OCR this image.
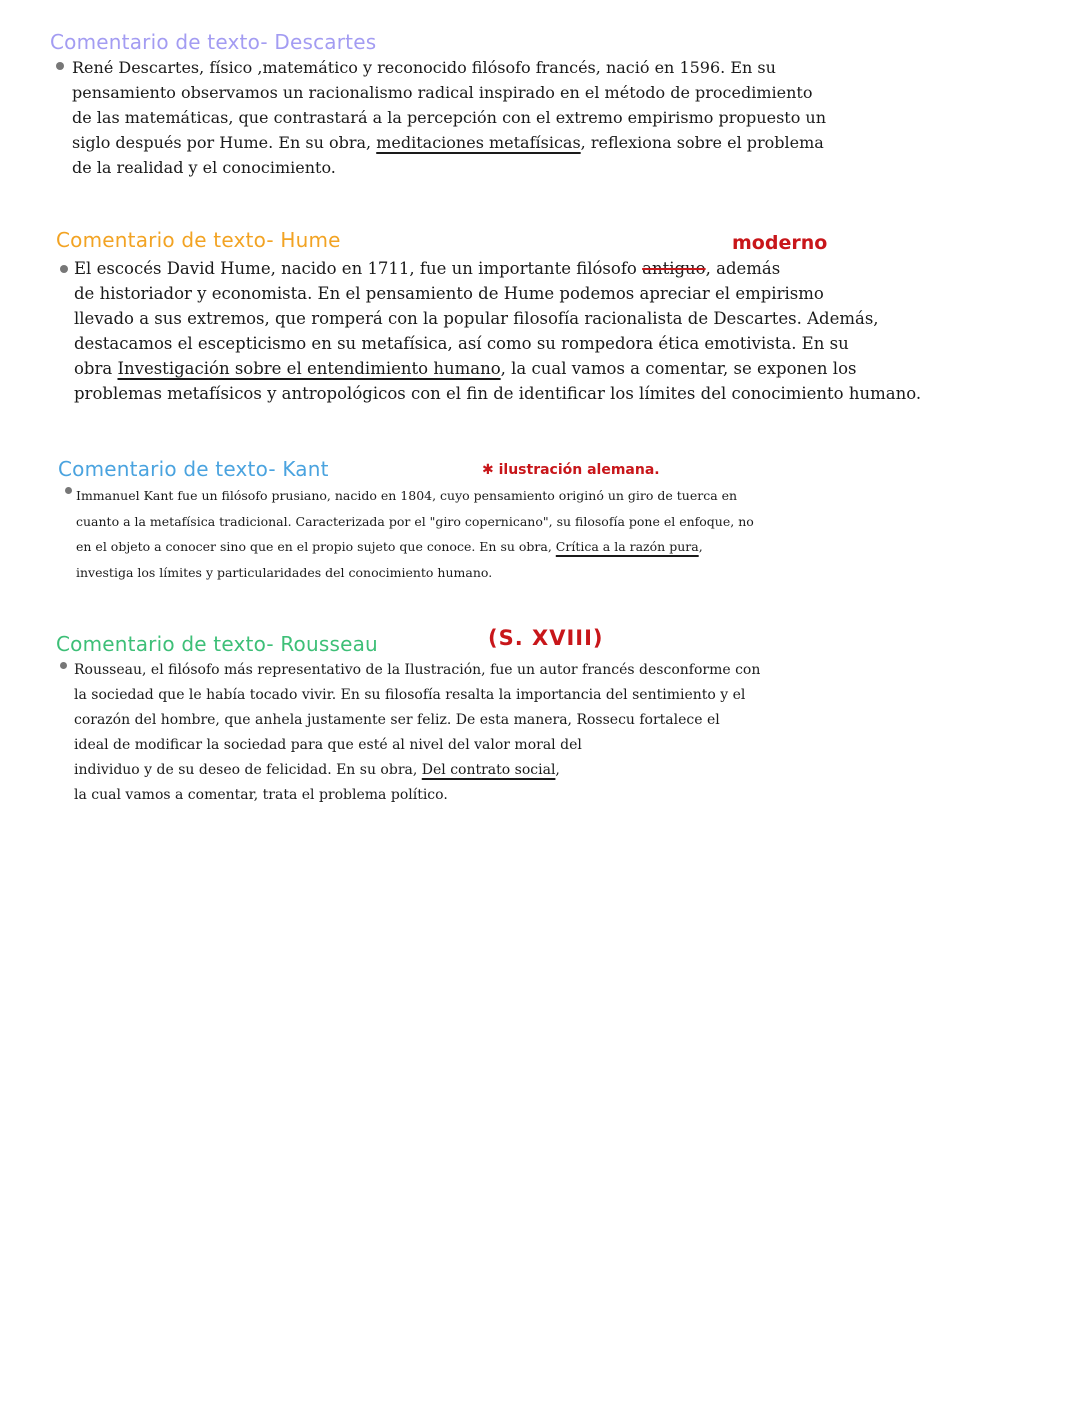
Comentario de texto- Descartes

René Descartes, físico ,matemático y reconocido filósofo francés, nació en 1596. En su
pensamiento observamos un racionalismo radical inspirado en el método de procedimiento
de las matemáticas, que contrastará a la percepción con el extremo empirismo propuesto un
siglo después por Hume. En su obra, meditaciones metafísicas, reflexiona sobre el problema
de la realidad y el conocimiento.

Comentario de texto- Hume	moderno

El escocés David Hume, nacido en 1711, fue un importante filósofo antiguo, además
de historiador y economista. En el pensamiento de Hume podemos apreciar el empirismo
llevado a sus extremos, que romperá con la popular filosofía racionalista de Descartes. Además,
destacamos el escepticismo en su metafísica, así como su rompedora ética emotivista. En su
obra Investigación sobre el entendimiento humano, la cual vamos a comentar, se exponen los
problemas metafísicos y antropológicos con el fin de identificar los límites del conocimiento humano.

Comentario de texto- Kant	✱ ilustración alemana.

Immanuel Kant fue un filósofo prusiano, nacido en 1804, cuyo pensamiento originó un giro de tuerca en
cuanto a la metafísica tradicional. Caracterizada por el "giro copernicano", su filosofía pone el enfoque, no
en el objeto a conocer sino que en el propio sujeto que conoce. En su obra, Crítica a la razón pura,
investiga los límites y particularidades del conocimiento humano.

Comentario de texto- Rousseau	(S. XVIII)

Rousseau, el filósofo más representativo de la Ilustración, fue un autor francés desconforme con
la sociedad que le había tocado vivir. En su filosofía resalta la importancia del sentimiento y el
corazón del hombre, que anhela justamente ser feliz. De esta manera, Rossecu fortalece el
ideal de modificar la sociedad para que esté al nivel del valor moral del
individuo y de su deseo de felicidad. En su obra, Del contrato social,
la cual vamos a comentar, trata el problema político.
